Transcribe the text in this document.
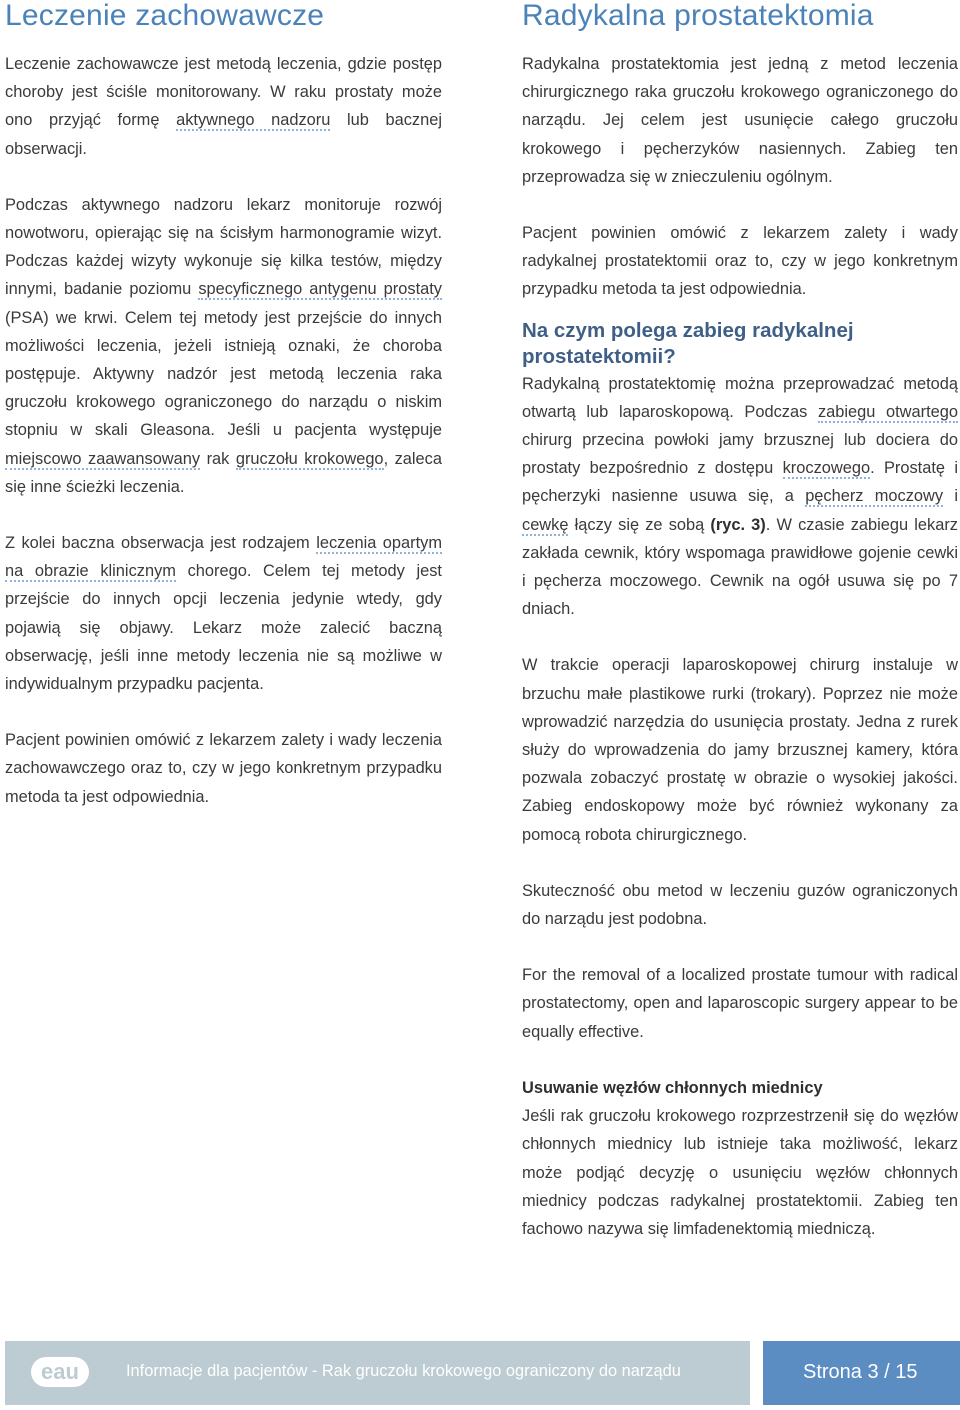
Leczenie zachowawcze

Leczenie zachowawcze jest metodą leczenia, gdzie postęp choroby jest ściśle monitorowany. W raku prostaty może ono przyjąć formę aktywnego nadzoru lub bacznej obserwacji.

Podczas aktywnego nadzoru lekarz monitoruje rozwój nowotworu, opierając się na ścisłym harmonogramie wizyt. Podczas każdej wizyty wykonuje się kilka testów, między innymi, badanie poziomu specyficznego antygenu prostaty (PSA) we krwi. Celem tej metody jest przejście do innych możliwości leczenia, jeżeli istnieją oznaki, że choroba postępuje. Aktywny nadzór jest metodą leczenia raka gruczołu krokowego ograniczonego do narządu o niskim stopniu w skali Gleasona. Jeśli u pacjenta występuje miejscowo zaawansowany rak gruczołu krokowego, zaleca się inne ścieżki leczenia.

Z kolei baczna obserwacja jest rodzajem leczenia opartym na obrazie klinicznym chorego. Celem tej metody jest przejście do innych opcji leczenia jedynie wtedy, gdy pojawią się objawy. Lekarz może zalecić baczną obserwację, jeśli inne metody leczenia nie są możliwe w indywidualnym przypadku pacjenta.

Pacjent powinien omówić z lekarzem zalety i wady leczenia zachowawczego oraz to, czy w jego konkretnym przypadku metoda ta jest odpowiednia.

Radykalna prostatektomia

Radykalna prostatektomia jest jedną z metod leczenia chirurgicznego raka gruczołu krokowego ograniczonego do narządu. Jej celem jest usunięcie całego gruczołu krokowego i pęcherzyków nasiennych. Zabieg ten przeprowadza się w znieczuleniu ogólnym.

Pacjent powinien omówić z lekarzem zalety i wady radykalnej prostatektomii oraz to, czy w jego konkretnym przypadku metoda ta jest odpowiednia.

Na czym polega zabieg radykalnej prostatektomii?

Radykalną prostatektomię można przeprowadzać metodą otwartą lub laparoskopową. Podczas zabiegu otwartego chirurg przecina powłoki jamy brzusznej lub dociera do prostaty bezpośrednio z dostępu kroczowego. Prostatę i pęcherzyki nasienne usuwa się, a pęcherz moczowy i cewkę łączy się ze sobą (ryc. 3). W czasie zabiegu lekarz zakłada cewnik, który wspomaga prawidłowe gojenie cewki i pęcherza moczowego. Cewnik na ogół usuwa się po 7 dniach.

W trakcie operacji laparoskopowej chirurg instaluje w brzuchu małe plastikowe rurki (trokary). Poprzez nie może wprowadzić narzędzia do usunięcia prostaty. Jedna z rurek służy do wprowadzenia do jamy brzusznej kamery, która pozwala zobaczyć prostatę w obrazie o wysokiej jakości. Zabieg endoskopowy może być również wykonany za pomocą robota chirurgicznego.

Skuteczność obu metod w leczeniu guzów ograniczonych do narządu jest podobna.

For the removal of a localized prostate tumour with radical prostatectomy, open and laparoscopic surgery appear to be equally effective.

Usuwanie węzłów chłonnych miednicy
Jeśli rak gruczołu krokowego rozprzestrzenił się do węzłów chłonnych miednicy lub istnieje taka możliwość, lekarz może podjąć decyzję o usunięciu węzłów chłonnych miednicy podczas radykalnej prostatektomii. Zabieg ten fachowo nazywa się limfadenektomią miedniczą.

eau	Informacje dla pacjentów - Rak gruczołu krokowego ograniczony do narządu	Strona 3 / 15
